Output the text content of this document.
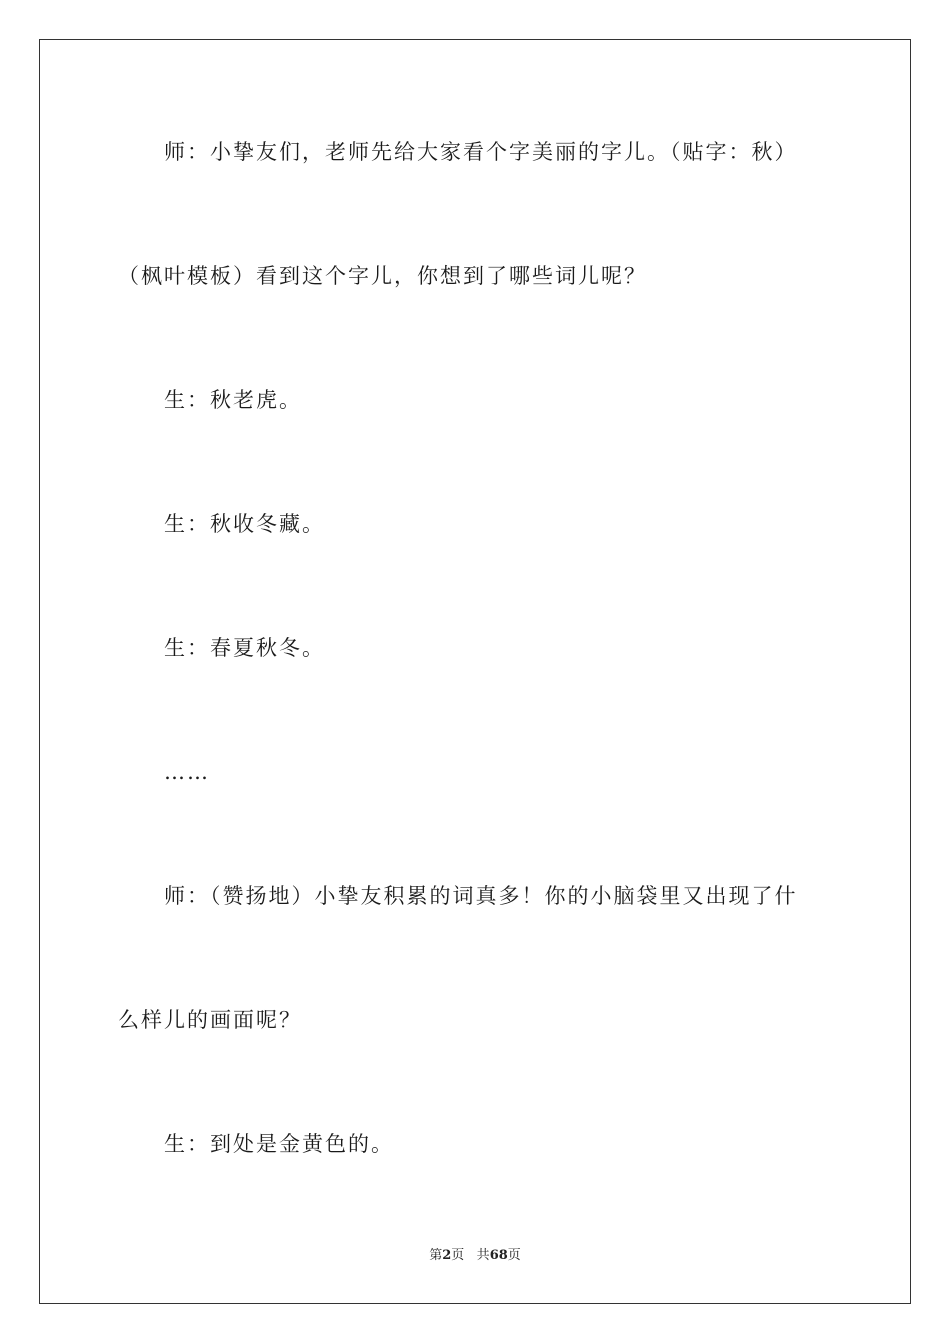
师：小挚友们，老师先给大家看个字美丽的字儿。（贴字：秋）

（枫叶模板）看到这个字儿，你想到了哪些词儿呢？

生：秋老虎。

生：秋收冬藏。

生：春夏秋冬。

……

师：（赞扬地）小挚友积累的词真多！你的小脑袋里又出现了什

么样儿的画面呢？

生：到处是金黄色的。

第2页 共68页
